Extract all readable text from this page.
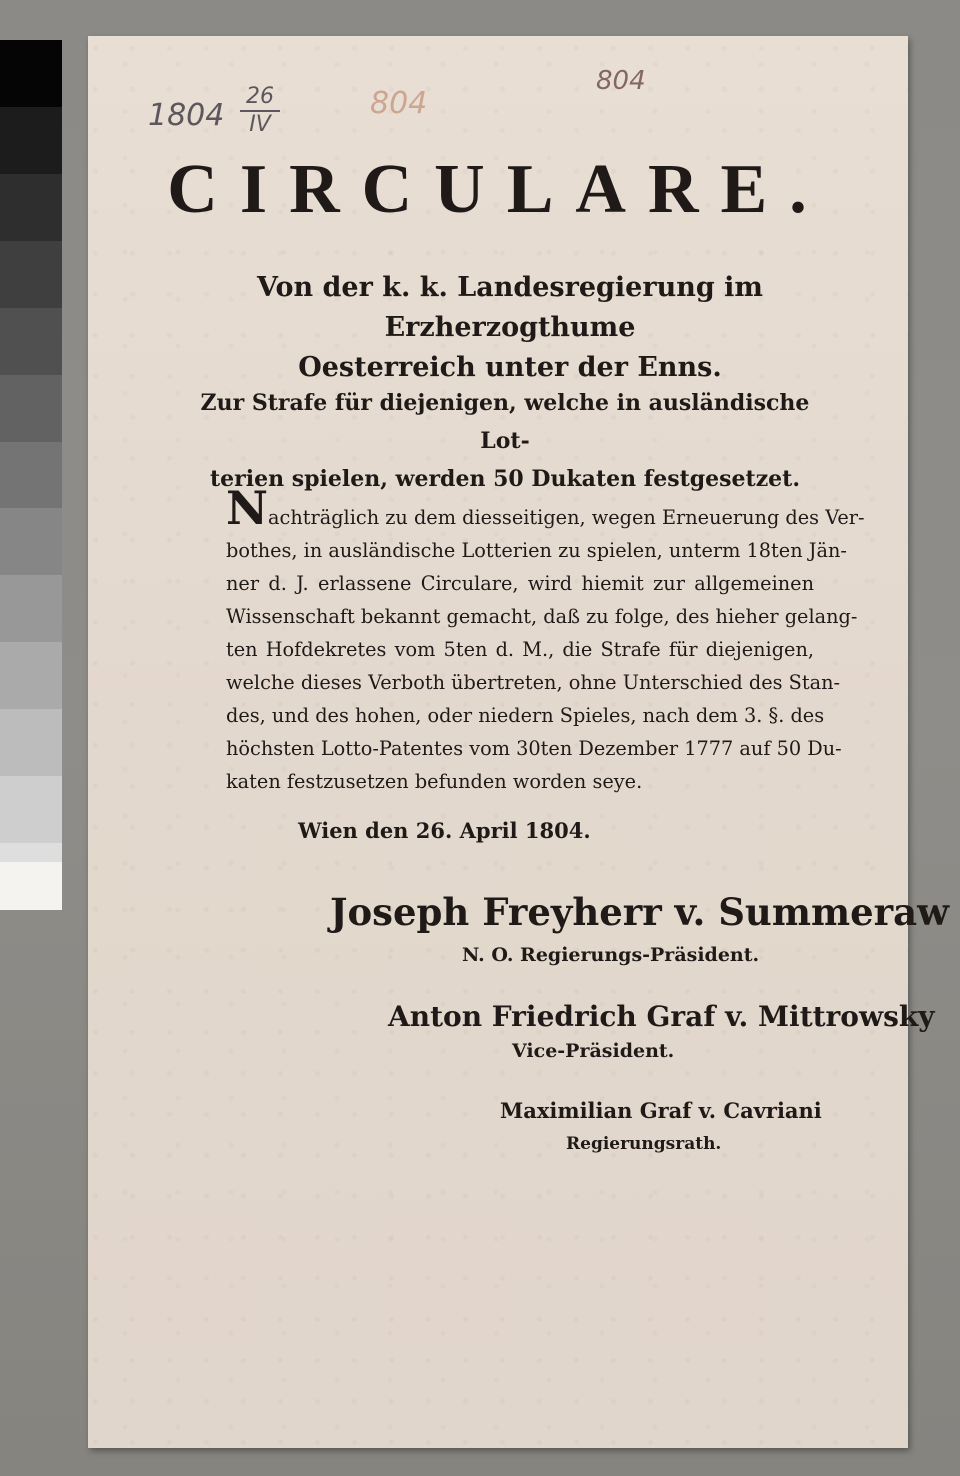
1804
26
IV
804
804
CIRCULARE.
Von der k. k. Landesregierung im Erzherzogthume
Oesterreich unter der Enns.
Zur Strafe für diejenigen, welche in ausländische Lot-
terien spielen, werden 50 Dukaten festgesetzet.
Nachträglich zu dem diesseitigen, wegen Erneuerung des Ver-
bothes, in ausländische Lotterien zu spielen, unterm 18ten Jän-
ner d. J. erlassene Circulare, wird hiemit zur allgemeinen
Wissenschaft bekannt gemacht, daß zu folge, des hieher gelang-
ten Hofdekretes vom 5ten d. M., die Strafe für diejenigen,
welche dieses Verboth übertreten, ohne Unterschied des Stan-
des, und des hohen, oder niedern Spieles, nach dem 3. §. des
höchsten Lotto-Patentes vom 30ten Dezember 1777 auf 50 Du-
katen festzusetzen befunden worden seye.
Wien den 26. April 1804.
Joseph Freyherr v. Summeraw
N. O. Regierungs-Präsident.
Anton Friedrich Graf v. Mittrowsky
Vice-Präsident.
Maximilian Graf v. Cavriani
Regierungsrath.
